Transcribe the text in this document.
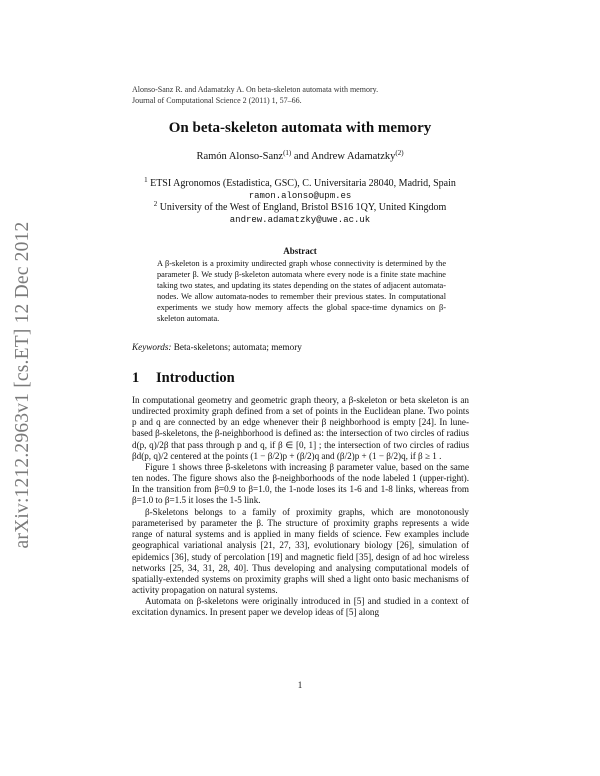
arXiv:1212.2963v1 [cs.ET] 12 Dec 2012
Alonso-Sanz R. and Adamatzky A. On beta-skeleton automata with memory.
Journal of Computational Science 2 (2011) 1, 57–66.
On beta-skeleton automata with memory
Ramón Alonso-Sanz$^{(1)}$ and Andrew Adamatzky$^{(2)}$
$^1$ ETSI Agronomos (Estadistica, GSC), C. Universitaria 28040, Madrid, Spain
ramon.alonso@upm.es
$^2$ University of the West of England, Bristol BS16 1QY, United Kingdom
andrew.adamatzky@uwe.ac.uk
Abstract
A β-skeleton is a proximity undirected graph whose connectivity is determined by the parameter β. We study β-skeleton automata where every node is a finite state machine taking two states, and updating its states depending on the states of adjacent automata-nodes. We allow automata-nodes to remember their previous states. In computational experiments we study how memory affects the global space-time dynamics on β-skeleton automata.
Keywords: Beta-skeletons; automata; memory
1 Introduction

In computational geometry and geometric graph theory, a β-skeleton or beta skeleton is an undirected proximity graph defined from a set of points in the Euclidean plane. Two points p and q are connected by an edge whenever their β neighborhood is empty [24]. In lune-based β-skeletons, the β-neighborhood is defined as: the intersection of two circles of radius d(p, q)/2β that pass through p and q, if β ∈ [0, 1] ; the intersection of two circles of radius βd(p, q)/2 centered at the points (1 − β/2)p + (β/2)q and (β/2)p + (1 − β/2)q, if β ≥ 1 .

Figure 1 shows three β-skeletons with increasing β parameter value, based on the same ten nodes. The figure shows also the β-neighborhoods of the node labeled 1 (upper-right). In the transition from β=0.9 to β=1.0, the 1-node loses its 1-6 and 1-8 links, whereas from β=1.0 to β=1.5 it loses the 1-5 link.

β-Skeletons belongs to a family of proximity graphs, which are monotonously parameterised by parameter the β. The structure of proximity graphs represents a wide range of natural systems and is applied in many fields of science. Few examples include geographical variational analysis [21, 27, 33], evolutionary biology [26], simulation of epidemics [36], study of percolation [19] and magnetic field [35], design of ad hoc wireless networks [25, 34, 31, 28, 40]. Thus developing and analysing computational models of spatially-extended systems on proximity graphs will shed a light onto basic mechanisms of activity propagation on natural systems.

Automata on β-skeletons were originally introduced in [5] and studied in a context of excitation dynamics. In present paper we develop ideas of [5] along

1
